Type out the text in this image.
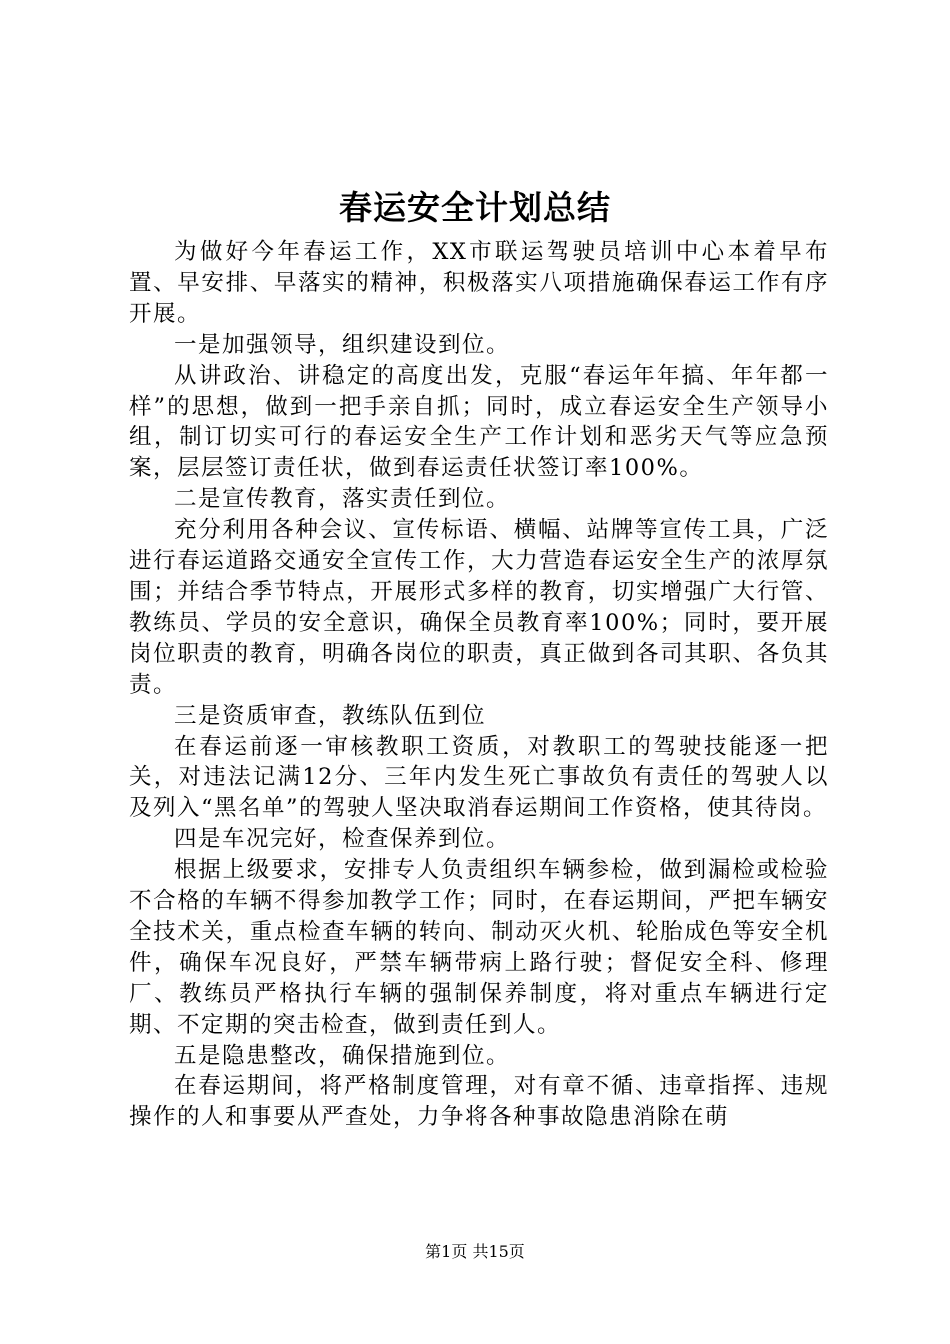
春运安全计划总结

为做好今年春运工作，XX市联运驾驶员培训中心本着早布置、早安排、早落实的精神，积极落实八项措施确保春运工作有序开展。

一是加强领导，组织建设到位。

从讲政治、讲稳定的高度出发，克服“春运年年搞、年年都一样”的思想，做到一把手亲自抓；同时，成立春运安全生产领导小组，制订切实可行的春运安全生产工作计划和恶劣天气等应急预案，层层签订责任状，做到春运责任状签订率100%。

二是宣传教育，落实责任到位。

充分利用各种会议、宣传标语、横幅、站牌等宣传工具，广泛进行春运道路交通安全宣传工作，大力营造春运安全生产的浓厚氛围；并结合季节特点，开展形式多样的教育，切实增强广大行管、教练员、学员的安全意识，确保全员教育率100%；同时，要开展岗位职责的教育，明确各岗位的职责，真正做到各司其职、各负其责。

三是资质审查，教练队伍到位

在春运前逐一审核教职工资质，对教职工的驾驶技能逐一把关，对违法记满12分、三年内发生死亡事故负有责任的驾驶人以及列入“黑名单”的驾驶人坚决取消春运期间工作资格，使其待岗。

四是车况完好，检查保养到位。

根据上级要求，安排专人负责组织车辆参检，做到漏检或检验不合格的车辆不得参加教学工作；同时，在春运期间，严把车辆安全技术关，重点检查车辆的转向、制动灭火机、轮胎成色等安全机件，确保车况良好，严禁车辆带病上路行驶；督促安全科、修理厂、教练员严格执行车辆的强制保养制度，将对重点车辆进行定期、不定期的突击检查，做到责任到人。

五是隐患整改，确保措施到位。

在春运期间，将严格制度管理，对有章不循、违章指挥、违规操作的人和事要从严查处，力争将各种事故隐患消除在萌

第1页 共15页
